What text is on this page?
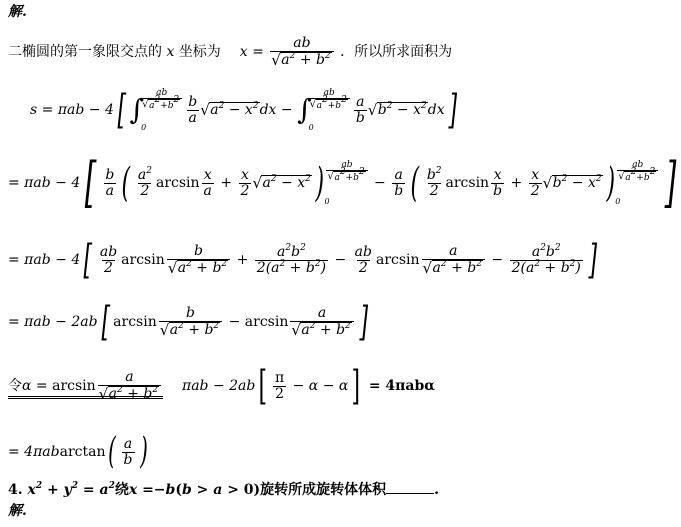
解.
二椭圆的第一象限交点的 x 坐标为 x = ab
√ $a^2 + b^2$ ．所以所求面积为
s = πab − 4[ ∫
ab
√ $a^2+b^2$
0
$\frac{b}{a}$ √ $a^2 - x^2dx$ − ∫
ab
√ $a^2+b^2$
0
$\frac{a}{b}$ √ $b^2 - x^2dx$]
= $\pi ab - 4[ \frac{b}{a}$ ( $\frac{a^2}{2}$ $\arcsin \frac{x}{a} + \frac{x}{2}$ √ $a^2 - x^2$ ) ab
√ $a^2+b^2$
0
− $\frac{a}{b}$ ( $\frac{b^2}{2}$ $\arcsin \frac{x}{b} + \frac{x}{2}$ √ $b^2 - x^2$ ) ab
√ $a^2+b^2$
0 ]
= $\pi ab - 4[ \frac{ab}{2}$ arcsin b
√ $a^2 + b^2 + \frac{a^2b^2}{2(a^2 + b^2)} - \frac{ab}{2}$ arcsin a
√ $a^2 + b^2 - \frac{a^2b^2}{2(a^2 + b^2)}$ ]
= πab − 2ab[ arcsin b
√ $a^2 + b^2 - \arcsin a$
√ $a^2 + b^2$ ]
令α = arcsin a
√ $a^2 + b^2$ $\pi ab - 2ab[ \frac{\pi}{2} - \alpha - \alpha] = 4\pi ab\alpha$
= $4\pi abarctan( \frac{a}{b}$ )
4. $x^2 + y^2 = a^2$绕x =−b(b > a > 0)旋转所成旋转体体积	.
解.
